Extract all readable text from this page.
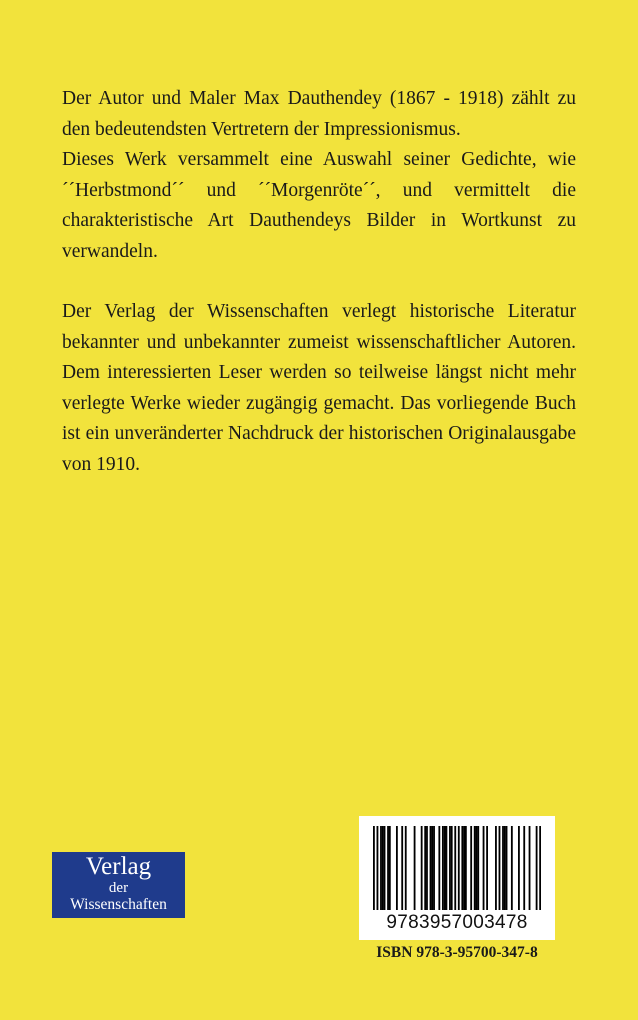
Der Autor und Maler Max Dauthendey (1867 - 1918) zählt zu den bedeutendsten Vertretern der Impressionismus.

Dieses Werk versammelt eine Auswahl seiner Gedichte, wie ´´Herbstmond´´ und ´´Morgenröte´´, und vermittelt die charakteristische Art Dauthendeys Bilder in Wortkunst zu verwandeln.

Der Verlag der Wissenschaften verlegt historische Literatur bekannter und unbekannter zumeist wissenschaftlicher Autoren. Dem interessierten Leser werden so teilweise längst nicht mehr verlegte Werke wieder zugängig gemacht. Das vorliegende Buch ist ein unveränderter Nachdruck der historischen Originalausgabe von 1910.

Verlag
der
Wissenschaften
9783957003478
ISBN 978-3-95700-347-8
